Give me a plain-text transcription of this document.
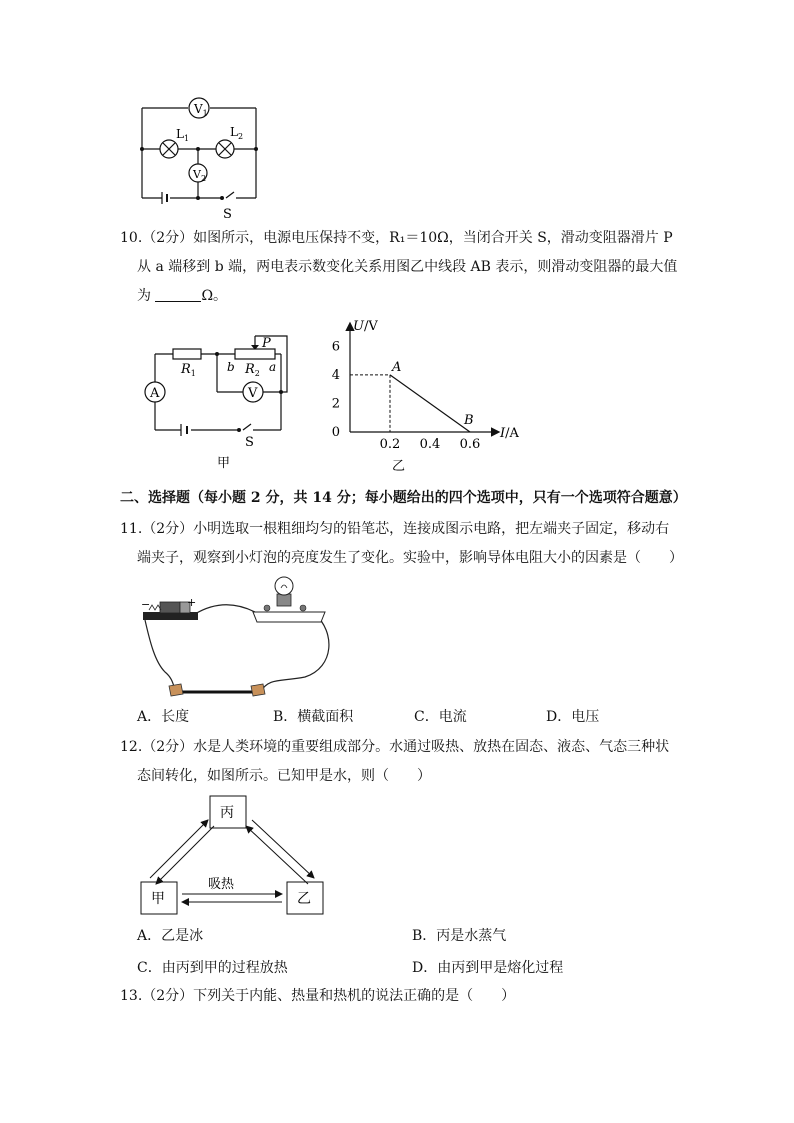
$V_1$
$V_2$
$L_1$	$L_2$
S
10.（2分）如图所示，电源电压保持不变，R₁＝10Ω，当闭合开关 S，滑动变阻器滑片 P
从 a 端移到 b 端，两电表示数变化关系用图乙中线段 AB 表示，则滑动变阻器的最大值
为	Ω。
A	V
$R_1$	$R_2$
P
a
b
S
甲
U/V
I/A
0
2
4
6
0.2 0.4 0.6
A
B
乙
二、选择题（每小题 2 分，共 14 分；每小题给出的四个选项中，只有一个选项符合题意）
11.（2分）小明选取一根粗细均匀的铅笔芯，连接成图示电路，把左端夹子固定，移动右
端夹子，观察到小灯泡的亮度发生了变化。实验中，影响导体电阻大小的因素是（　　）
−	+
A．长度	B．横截面积	C．电流	D．电压
12.（2分）水是人类环境的重要组成部分。水通过吸热、放热在固态、液态、气态三种状
态间转化，如图所示。已知甲是水，则（　　）
丙
甲	乙
吸热
A．乙是冰	B．丙是水蒸气
C．由丙到甲的过程放热	D．由丙到甲是熔化过程
13.（2分）下列关于内能、热量和热机的说法正确的是（　　）
